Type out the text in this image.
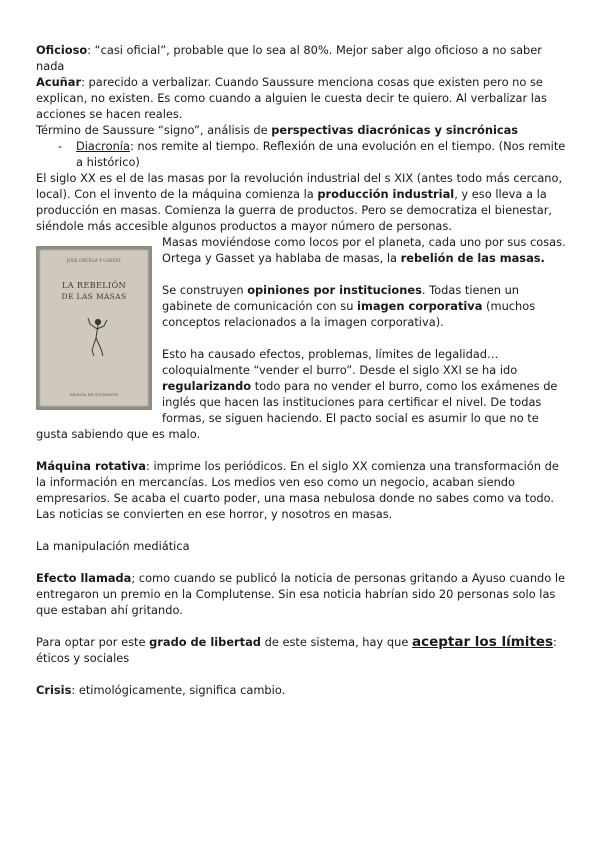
Oficioso: “casi oficial”, probable que lo sea al 80%. Mejor saber algo oficioso a no saber nada

Acuñar: parecido a verbalizar. Cuando Saussure menciona cosas que existen pero no se explican, no existen. Es como cuando a alguien le cuesta decir te quiero. Al verbalizar las acciones se hacen reales.

Término de Saussure “signo”, análisis de perspectivas diacrónicas y sincrónicas

-	Diacronía: nos remite al tiempo. Reflexión de una evolución en el tiempo. (Nos remite a histórico)

El siglo XX es el de las masas por la revolución industrial del s XIX (antes todo más cercano, local). Con el invento de la máquina comienza la producción industrial, y eso lleva a la producción en masas. Comienza la guerra de productos. Pero se democratiza el bienestar, siéndole más accesible algunos productos a mayor número de personas.

JOSÉ ORTEGA Y GASSET
LA REBELIÓN
DE LAS MASAS
REVISTA DE OCCIDENTE

Masas moviéndose como locos por el planeta, cada uno por sus cosas. Ortega y Gasset ya hablaba de masas, la rebelión de las masas.

Se construyen opiniones por instituciones. Todas tienen un gabinete de comunicación con su imagen corporativa (muchos conceptos relacionados a la imagen corporativa).

Esto ha causado efectos, problemas, límites de legalidad…coloquialmente “vender el burro”. Desde el siglo XXI se ha ido regularizando todo para no vender el burro, como los exámenes de inglés que hacen las instituciones para certificar el nivel. De todas formas, se siguen haciendo. El pacto social es asumir lo que no te gusta sabiendo que es malo.

Máquina rotativa: imprime los periódicos. En el siglo XX comienza una transformación de la información en mercancías. Los medios ven eso como un negocio, acaban siendo empresarios. Se acaba el cuarto poder, una masa nebulosa donde no sabes como va todo. Las noticias se convierten en ese horror, y nosotros en masas.

La manipulación mediática

Efecto llamada; como cuando se publicó la noticia de personas gritando a Ayuso cuando le entregaron un premio en la Complutense. Sin esa noticia habrían sido 20 personas solo las que estaban ahí gritando.

Para optar por este grado de libertad de este sistema, hay que aceptar los límites: éticos y sociales

Crisis: etimológicamente, significa cambio.
